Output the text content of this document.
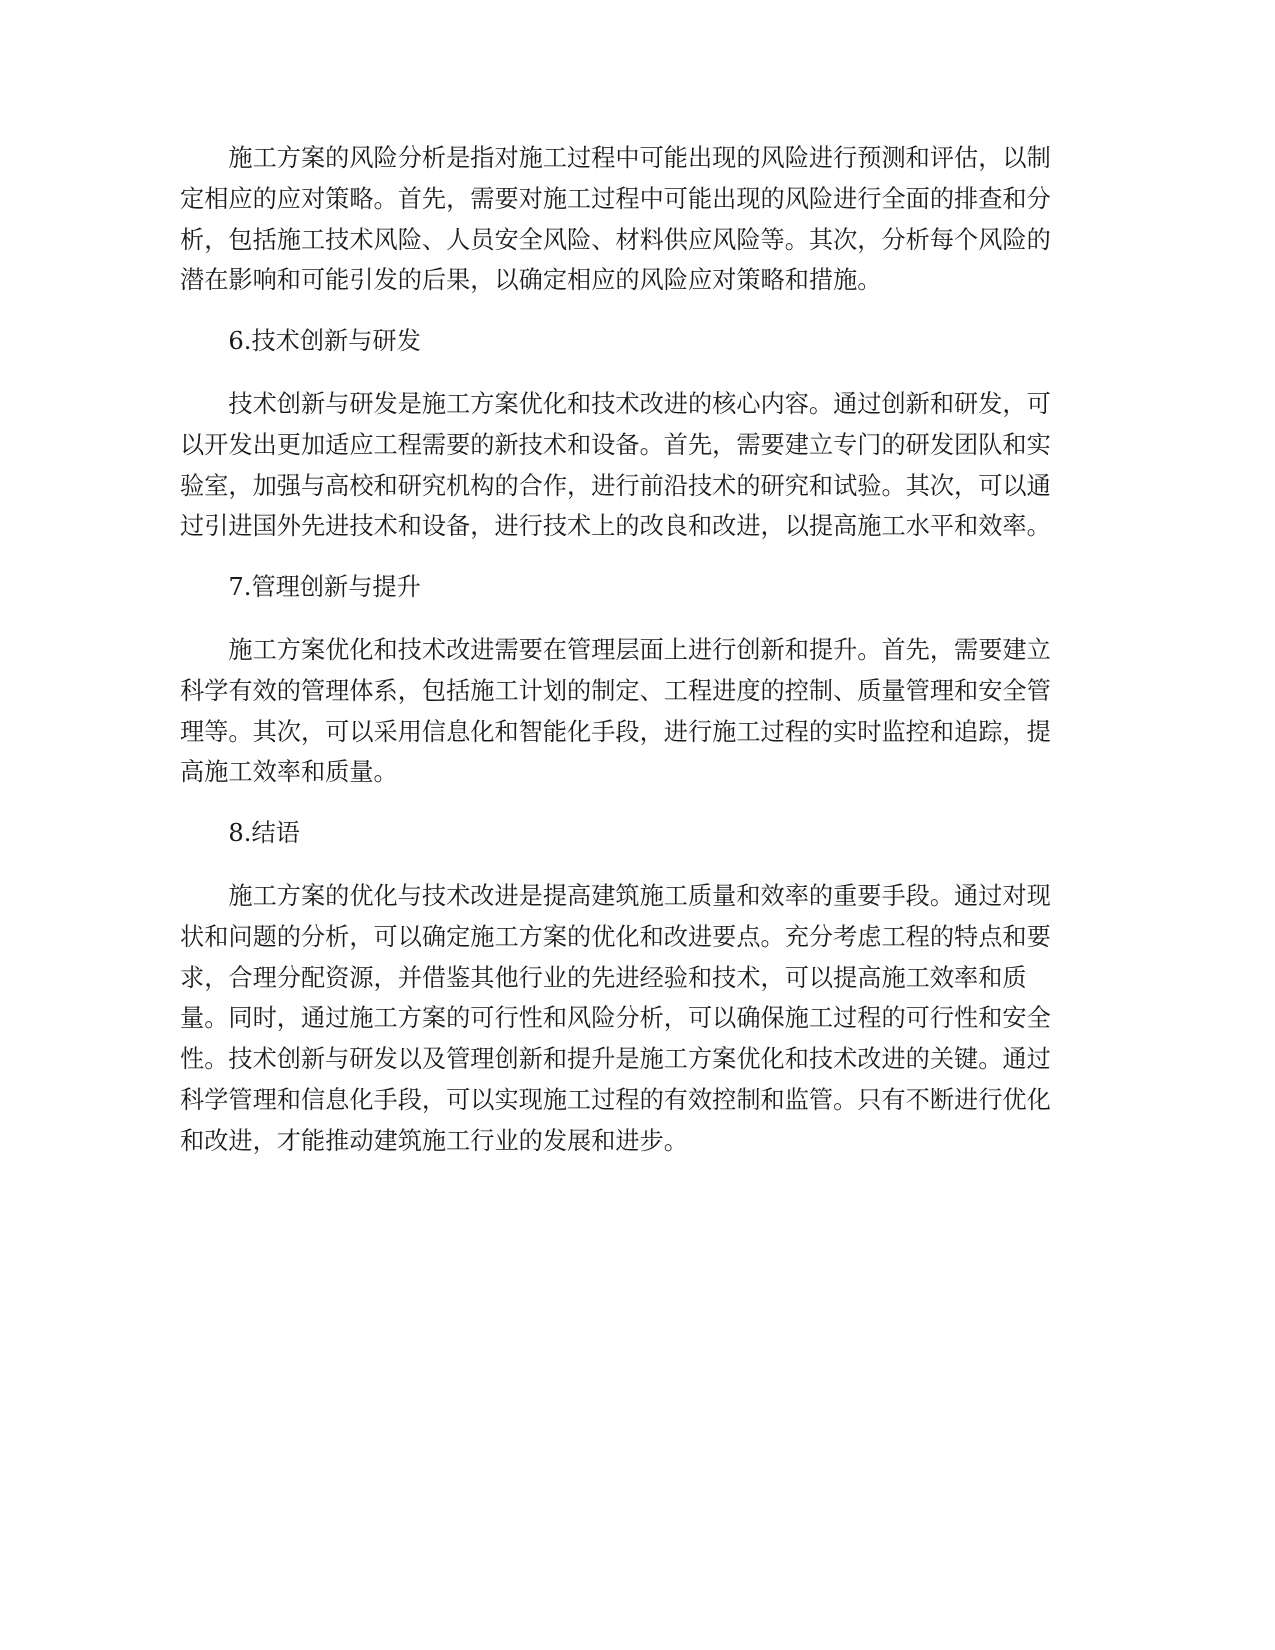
施工方案的风险分析是指对施工过程中可能出现的风险进行预测和评估，以制
定相应的应对策略。首先，需要对施工过程中可能出现的风险进行全面的排查和分
析，包括施工技术风险、人员安全风险、材料供应风险等。其次，分析每个风险的
潜在影响和可能引发的后果，以确定相应的风险应对策略和措施。
6.技术创新与研发
技术创新与研发是施工方案优化和技术改进的核心内容。通过创新和研发，可
以开发出更加适应工程需要的新技术和设备。首先，需要建立专门的研发团队和实
验室，加强与高校和研究机构的合作，进行前沿技术的研究和试验。其次，可以通
过引进国外先进技术和设备，进行技术上的改良和改进，以提高施工水平和效率。
7.管理创新与提升
施工方案优化和技术改进需要在管理层面上进行创新和提升。首先，需要建立
科学有效的管理体系，包括施工计划的制定、工程进度的控制、质量管理和安全管
理等。其次，可以采用信息化和智能化手段，进行施工过程的实时监控和追踪，提
高施工效率和质量。
8.结语
施工方案的优化与技术改进是提高建筑施工质量和效率的重要手段。通过对现
状和问题的分析，可以确定施工方案的优化和改进要点。充分考虑工程的特点和要
求，合理分配资源，并借鉴其他行业的先进经验和技术，可以提高施工效率和质
量。同时，通过施工方案的可行性和风险分析，可以确保施工过程的可行性和安全
性。技术创新与研发以及管理创新和提升是施工方案优化和技术改进的关键。通过
科学管理和信息化手段，可以实现施工过程的有效控制和监管。只有不断进行优化
和改进，才能推动建筑施工行业的发展和进步。
